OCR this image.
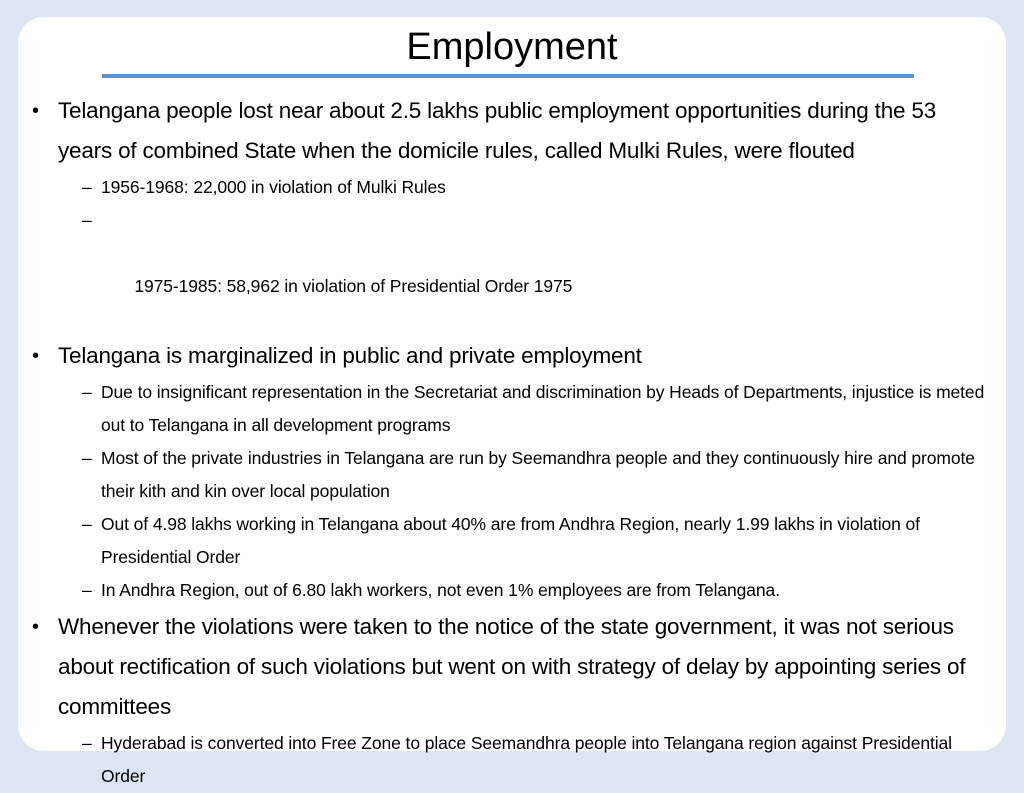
Employment
• Telangana people lost near about 2.5 lakhs public employment opportunities during the 53 years of combined State when the domicile rules, called Mulki Rules, were flouted
– 1956-1968: 22,000 in violation of Mulki Rules

–

1975-1985: 58,962 in violation of Presidential Order 1975

• Telangana is marginalized in public and private employment
– Due to insignificant representation in the Secretariat and discrimination by Heads of Departments, injustice is meted out to Telangana in all development programs
– Most of the private industries in Telangana are run by Seemandhra people and they continuously hire and promote their kith and kin over local population
– Out of 4.98 lakhs working in Telangana about 40% are from Andhra Region, nearly 1.99 lakhs in violation of Presidential Order
– In Andhra Region, out of 6.80 lakh workers, not even 1% employees are from Telangana.
• Whenever the violations were taken to the notice of the state government, it was not serious about rectification of such violations but went on with strategy of delay by appointing series of committees
– Hyderabad is converted into Free Zone to place Seemandhra people into Telangana region against Presidential Order
